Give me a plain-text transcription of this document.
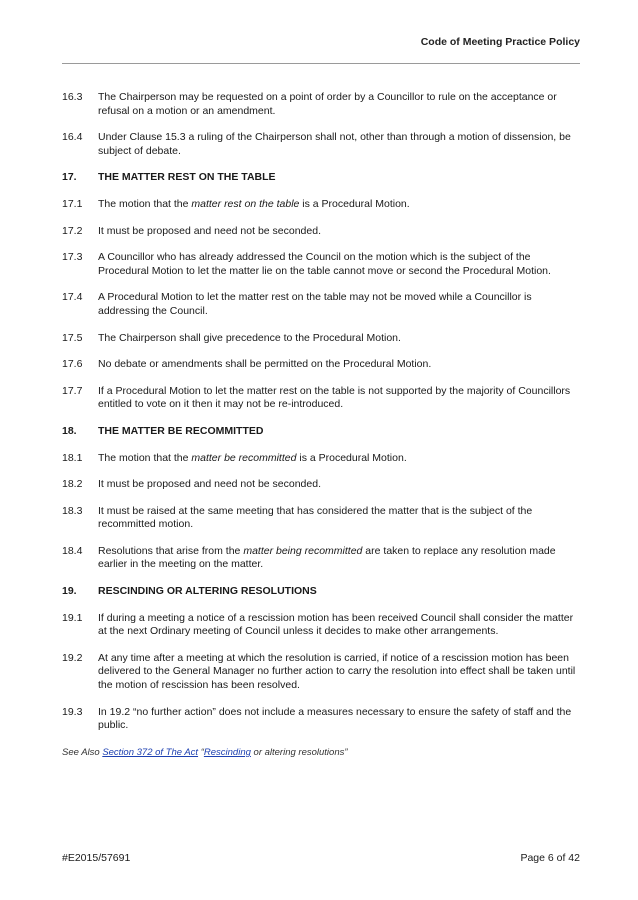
Code of Meeting Practice Policy
16.3	The Chairperson may be requested on a point of order by a Councillor to rule on the acceptance or refusal on a motion or an amendment.
16.4	Under Clause 15.3 a ruling of the Chairperson shall not, other than through a motion of dissension, be subject of debate.
17.	THE MATTER REST ON THE TABLE
17.1	The motion that the matter rest on the table is a Procedural Motion.
17.2	It must be proposed and need not be seconded.
17.3	A Councillor who has already addressed the Council on the motion which is the subject of the Procedural Motion to let the matter lie on the table cannot move or second the Procedural Motion.
17.4	A Procedural Motion to let the matter rest on the table may not be moved while a Councillor is addressing the Council.
17.5	The Chairperson shall give precedence to the Procedural Motion.
17.6	No debate or amendments shall be permitted on the Procedural Motion.
17.7	If a Procedural Motion to let the matter rest on the table is not supported by the majority of Councillors entitled to vote on it then it may not be re-introduced.
18.	THE MATTER BE RECOMMITTED
18.1	The motion that the matter be recommitted is a Procedural Motion.
18.2	It must be proposed and need not be seconded.
18.3	It must be raised at the same meeting that has considered the matter that is the subject of the recommitted motion.
18.4	Resolutions that arise from the matter being recommitted are taken to replace any resolution made earlier in the meeting on the matter.
19.	RESCINDING OR ALTERING RESOLUTIONS
19.1	If during a meeting a notice of a rescission motion has been received Council shall consider the matter at the next Ordinary meeting of Council unless it decides to make other arrangements.
19.2	At any time after a meeting at which the resolution is carried, if notice of a rescission motion has been delivered to the General Manager no further action to carry the resolution into effect shall be taken until the motion of rescission has been resolved.
19.3	In 19.2 “no further action” does not include a measures necessary to ensure the safety of staff and the public.
See Also Section 372 of The Act “Rescinding or altering resolutions”
#E2015/57691	Page 6 of 42
